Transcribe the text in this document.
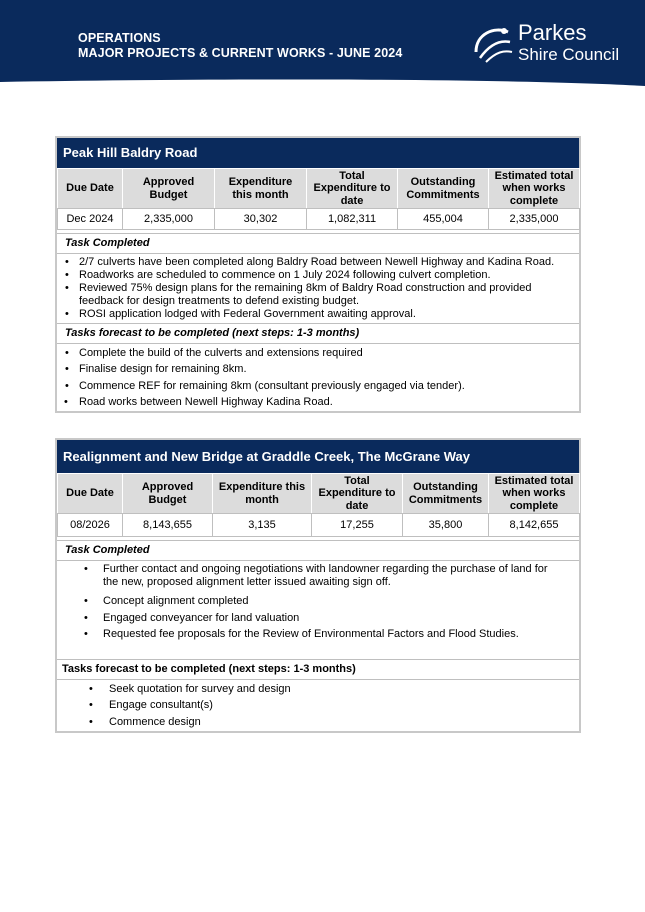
OPERATIONS
MAJOR PROJECTS & CURRENT WORKS - JUNE 2024
Parkes
Shire Council
Peak Hill Baldry Road
Due Date	Approved Budget	Expenditure this month	Total Expenditure to date	Outstanding Commitments	Estimated total when works complete
Dec 2024	2,335,000	30,302	1,082,311	455,004	2,335,000
Task Completed
• 2/7 culverts have been completed along Baldry Road between Newell Highway and Kadina Road.
• Roadworks are scheduled to commence on 1 July 2024 following culvert completion.
• Reviewed 75% design plans for the remaining 8km of Baldry Road construction and provided feedback for design treatments to defend existing budget.
• ROSI application lodged with Federal Government awaiting approval.
Tasks forecast to be completed (next steps: 1-3 months)
• Complete the build of the culverts and extensions required
• Finalise design for remaining 8km.
• Commence REF for remaining 8km (consultant previously engaged via tender).
• Road works between Newell Highway Kadina Road.
Realignment and New Bridge at Graddle Creek, The McGrane Way
Due Date	Approved Budget	Expenditure this month	Total Expenditure to date	Outstanding Commitments	Estimated total when works complete
08/2026	8,143,655	3,135	17,255	35,800	8,142,655
Task Completed
• Further contact and ongoing negotiations with landowner regarding the purchase of land for the new, proposed alignment letter issued awaiting sign off.
• Concept alignment completed
• Engaged conveyancer for land valuation
• Requested fee proposals for the Review of Environmental Factors and Flood Studies.
Tasks forecast to be completed (next steps: 1-3 months)
• Seek quotation for survey and design
• Engage consultant(s)
• Commence design
